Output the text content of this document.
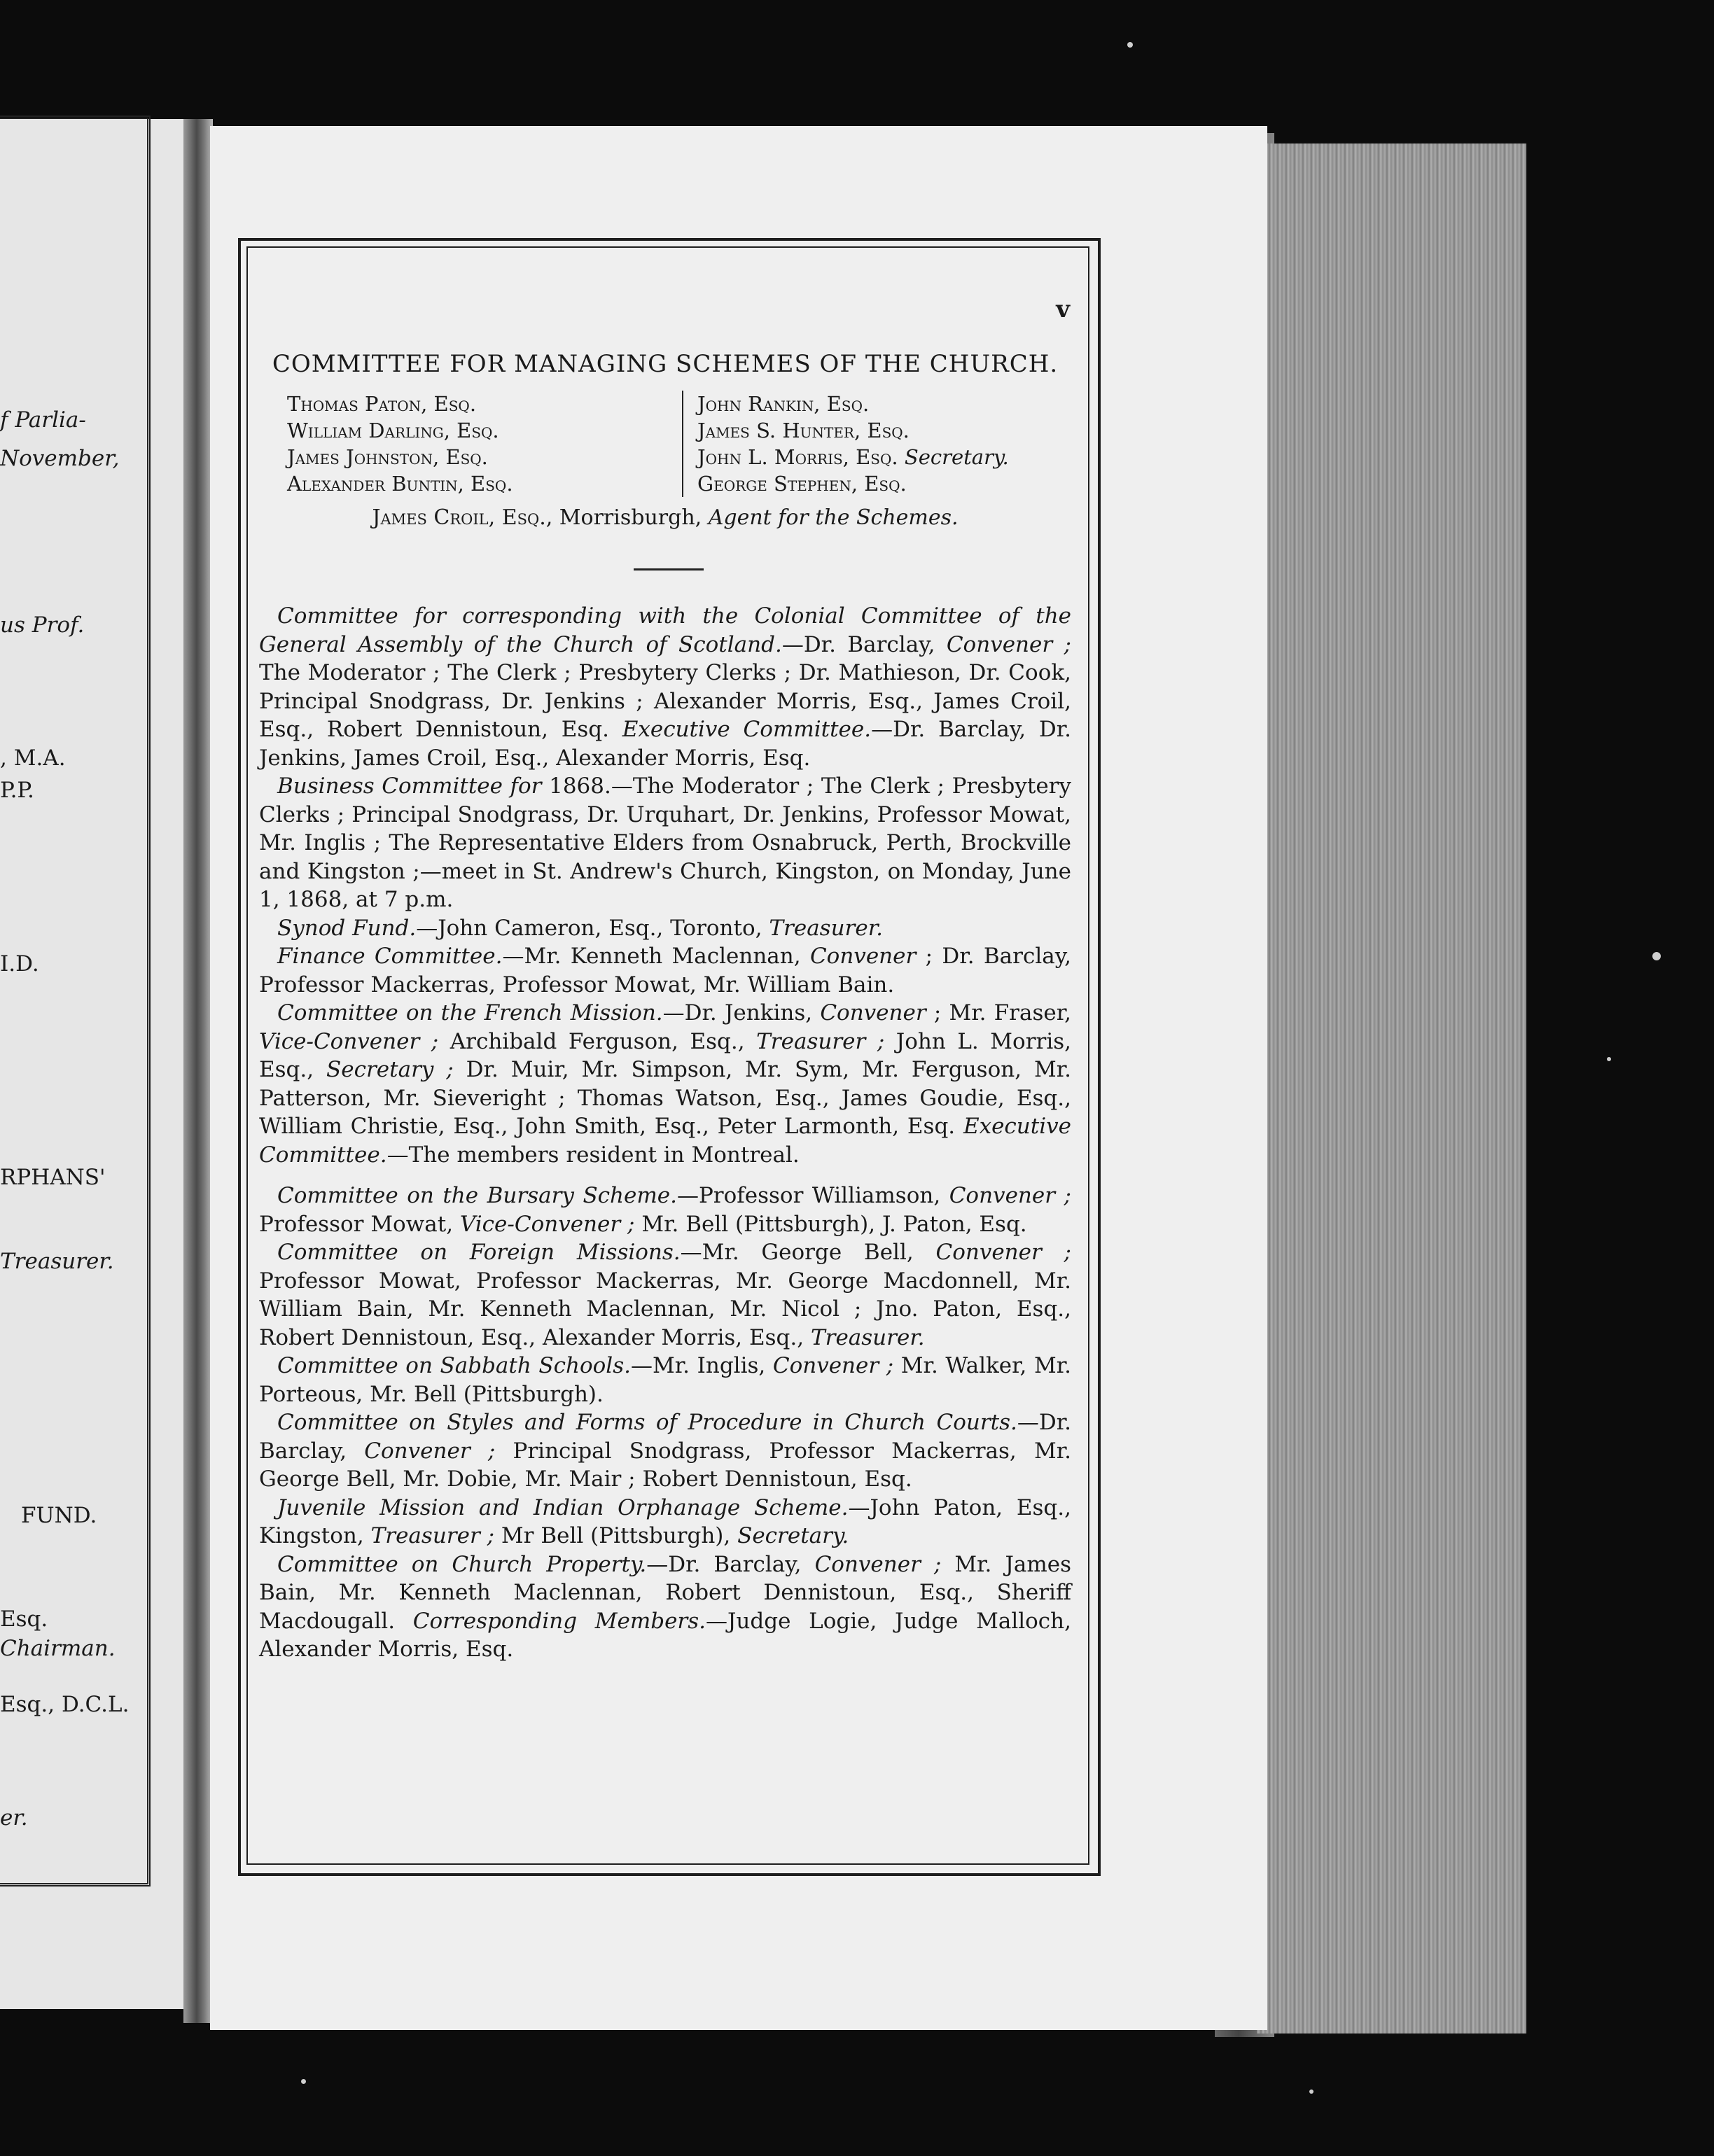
f Parlia-
November,
us Prof.
, M.A.
P.P.
I.D.
RPHANS'
Treasurer.
FUND.
Esq.
Chairman.
Esq., D.C.L.
er.
v
COMMITTEE FOR MANAGING SCHEMES OF THE CHURCH.
Thomas Paton, Esq.
William Darling, Esq.
James Johnston, Esq.
Alexander Buntin, Esq.
John Rankin, Esq.
James S. Hunter, Esq.
John L. Morris, Esq. Secretary.
George Stephen, Esq.
James Croil, Esq., Morrisburgh, Agent for the Schemes.

Committee for corresponding with the Colonial Committee of the General Assembly of the Church of Scotland.—Dr. Barclay, Convener ; The Moderator ; The Clerk ; Presbytery Clerks ; Dr. Mathieson, Dr. Cook, Principal Snodgrass, Dr. Jenkins ; Alexander Morris, Esq., James Croil, Esq., Robert Dennistoun, Esq. Executive Committee.—Dr. Barclay, Dr. Jenkins, James Croil, Esq., Alexander Morris, Esq.

Business Committee for 1868.—The Moderator ; The Clerk ; Presbytery Clerks ; Principal Snodgrass, Dr. Urquhart, Dr. Jenkins, Professor Mowat, Mr. Inglis ; The Representative Elders from Osnabruck, Perth, Brockville and Kingston ;—meet in St. Andrew's Church, Kingston, on Monday, June 1, 1868, at 7 p.m.

Synod Fund.—John Cameron, Esq., Toronto, Treasurer.

Finance Committee.—Mr. Kenneth Maclennan, Convener ; Dr. Barclay, Professor Mackerras, Professor Mowat, Mr. William Bain.

Committee on the French Mission.—Dr. Jenkins, Convener ; Mr. Fraser, Vice-Convener ; Archibald Ferguson, Esq., Treasurer ; John L. Morris, Esq., Secretary ; Dr. Muir, Mr. Simpson, Mr. Sym, Mr. Ferguson, Mr. Patterson, Mr. Sieveright ; Thomas Watson, Esq., James Goudie, Esq., William Christie, Esq., John Smith, Esq., Peter Larmonth, Esq. Executive Committee.—The members resident in Montreal.

Committee on the Bursary Scheme.—Professor Williamson, Convener ; Professor Mowat, Vice-Convener ; Mr. Bell (Pittsburgh), J. Paton, Esq.

Committee on Foreign Missions.—Mr. George Bell, Convener ; Professor Mowat, Professor Mackerras, Mr. George Macdonnell, Mr. William Bain, Mr. Kenneth Maclennan, Mr. Nicol ; Jno. Paton, Esq., Robert Dennistoun, Esq., Alexander Morris, Esq., Treasurer.

Committee on Sabbath Schools.—Mr. Inglis, Convener ; Mr. Walker, Mr. Porteous, Mr. Bell (Pittsburgh).

Committee on Styles and Forms of Procedure in Church Courts.—Dr. Barclay, Convener ; Principal Snodgrass, Professor Mackerras, Mr. George Bell, Mr. Dobie, Mr. Mair ; Robert Dennistoun, Esq.

Juvenile Mission and Indian Orphanage Scheme.—John Paton, Esq., Kingston, Treasurer ; Mr Bell (Pittsburgh), Secretary.

Committee on Church Property.—Dr. Barclay, Convener ; Mr. James Bain, Mr. Kenneth Maclennan, Robert Dennistoun, Esq., Sheriff Macdougall. Corresponding Members.—Judge Logie, Judge Malloch, Alexander Morris, Esq.
